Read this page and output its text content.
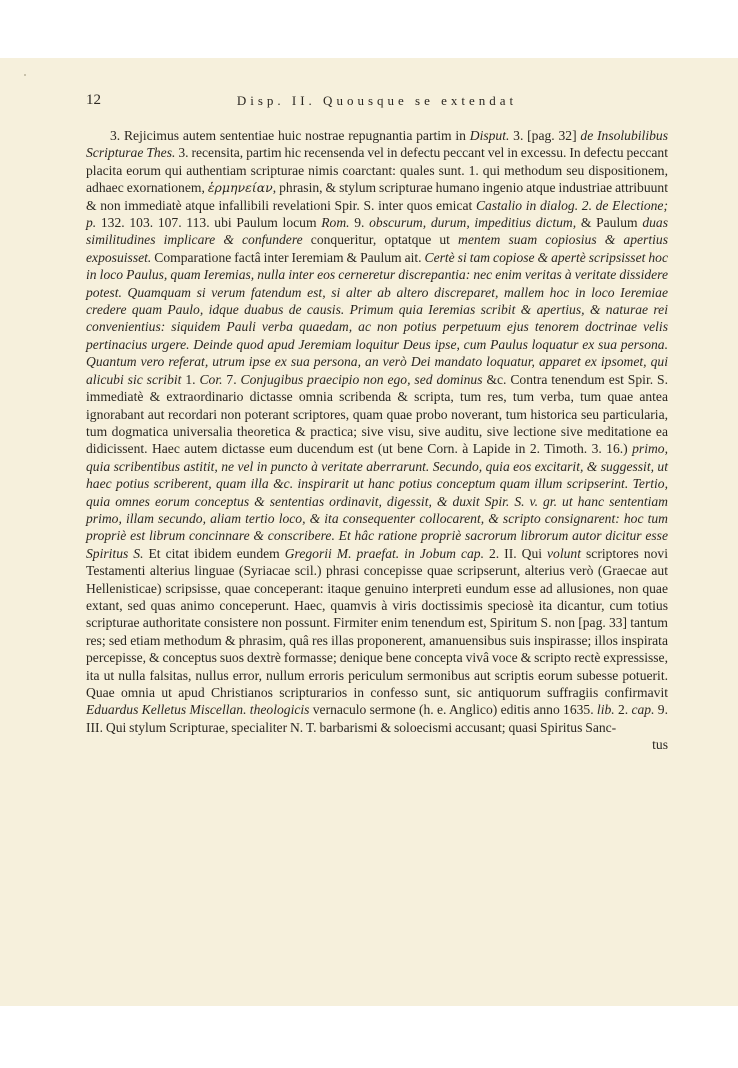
12	Disp. II. Quousque se extendat

3. Rejicimus autem sententiae huic nostrae repugnantia partim in Disput. 3. [pag. 32] de Insolubilibus Scripturae Thes. 3. recensita, partim hic recensenda vel in defectu peccant vel in excessu. In defectu peccant placita eorum qui authentiam scripturae nimis coarctant: quales sunt. 1. qui methodum seu dispositionem, adhaec exornationem, ἑρμηνείαν, phrasin, & stylum scripturae humano ingenio atque industriae attribuunt & non immediatè atque infallibili revelationi Spir. S. inter quos emicat Castalio in dialog. 2. de Electione; p. 132. 103. 107. 113. ubi Paulum locum Rom. 9. obscurum, durum, impeditius dictum, & Paulum duas similitudines implicare & confundere conqueritur, optatque ut mentem suam copiosius & apertius exposuisset. Comparatione factâ inter Ieremiam & Paulum ait. Certè si tam copiose & apertè scripsisset hoc in loco Paulus, quam Ieremias, nulla inter eos cerneretur discrepantia: nec enim veritas à veritate dissidere potest. Quamquam si verum fatendum est, si alter ab altero discreparet, mallem hoc in loco Ieremiae credere quam Paulo, idque duabus de causis. Primum quia Ieremias scribit & apertius, & naturae rei convenientius: siquidem Pauli verba quaedam, ac non potius perpetuum ejus tenorem doctrinae velis pertinacius urgere. Deinde quod apud Jeremiam loquitur Deus ipse, cum Paulus loquatur ex sua persona. Quantum vero referat, utrum ipse ex sua persona, an verò Dei mandato loquatur, apparet ex ipsomet, qui alicubi sic scribit 1. Cor. 7. Conjugibus praecipio non ego, sed dominus &c. Contra tenendum est Spir. S. immediatè & extraordinario dictasse omnia scribenda & scripta, tum res, tum verba, tum quae antea ignorabant aut recordari non poterant scriptores, quam quae probo noverant, tum historica seu particularia, tum dogmatica universalia theoretica & practica; sive visu, sive auditu, sive lectione sive meditatione ea didicissent. Haec autem dictasse eum ducendum est (ut bene Corn. à Lapide in 2. Timoth. 3. 16.) primo, quia scribentibus astitit, ne vel in puncto à veritate aberrarunt. Secundo, quia eos excitarit, & suggessit, ut haec potius scriberent, quam illa &c. inspirarit ut hanc potius conceptum quam illum scripserint. Tertio, quia omnes eorum conceptus & sententias ordinavit, digessit, & duxit Spir. S. v. gr. ut hanc sententiam primo, illam secundo, aliam tertio loco, & ita consequenter collocarent, & scripto consignarent: hoc tum propriè est librum concinnare & conscribere. Et hâc ratione propriè sacrorum librorum autor dicitur esse Spiritus S. Et citat ibidem eundem Gregorii M. praefat. in Jobum cap. 2. II. Qui volunt scriptores novi Testamenti alterius linguae (Syriacae scil.) phrasi concepisse quae scripserunt, alterius verò (Graecae aut Hellenisticae) scripsisse, quae conceperant: itaque genuino interpreti eundum esse ad allusiones, non quae extant, sed quas animo conceperunt. Haec, quamvis à viris doctissimis speciosè ita dicantur, cum totius scripturae authoritate consistere non possunt. Firmiter enim tenendum est, Spiritum S. non [pag. 33] tantum res; sed etiam methodum & phrasim, quâ res illas proponerent, amanuensibus suis inspirasse; illos inspirata percepisse, & conceptus suos dextrè formasse; denique bene concepta vivâ voce & scripto rectè expressisse, ita ut nulla falsitas, nullus error, nullum erroris periculum sermonibus aut scriptis eorum subesse potuerit. Quae omnia ut apud Christianos scripturarios in confesso sunt, sic antiquorum suffragiis confirmavit Eduardus Kelletus Miscellan. theologicis vernaculo sermone (h. e. Anglico) editis anno 1635. lib. 2. cap. 9. III. Qui stylum Scripturae, specialiter N. T. barbarismi & soloecismi accusant; quasi Spiritus Sanc-

tus
